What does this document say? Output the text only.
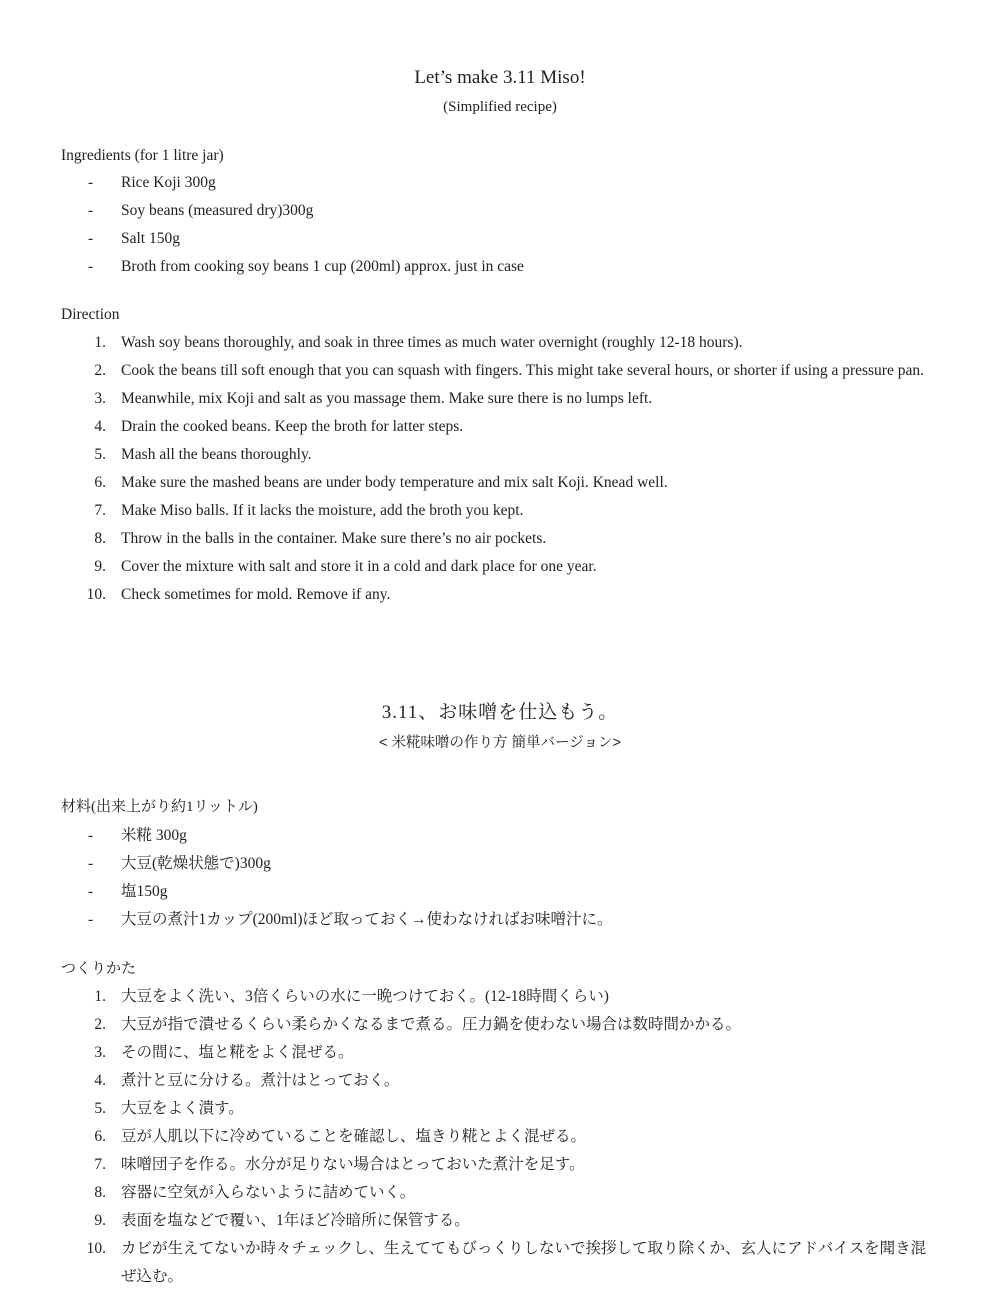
Let’s make 3.11 Miso!
(Simplified recipe)
Ingredients (for 1 litre jar)
-	Rice Koji 300g
-	Soy beans (measured dry)300g
-	Salt 150g
-	Broth from cooking soy beans 1 cup (200ml) approx. just in case
Direction
1. Wash soy beans thoroughly, and soak in three times as much water overnight (roughly 12-18 hours).
2. Cook the beans till soft enough that you can squash with fingers. This might take several hours, or shorter if using a pressure pan.
3. Meanwhile, mix Koji and salt as you massage them. Make sure there is no lumps left.
4. Drain the cooked beans. Keep the broth for latter steps.
5. Mash all the beans thoroughly.
6. Make sure the mashed beans are under body temperature and mix salt Koji. Knead well.
7. Make Miso balls. If it lacks the moisture, add the broth you kept.
8. Throw in the balls in the container. Make sure there’s no air pockets.
9. Cover the mixture with salt and store it in a cold and dark place for one year.
10. Check sometimes for mold. Remove if any.
3.11、お味噌を仕込もう。
< 米糀味噌の作り方 簡単バージョン>
材料(出来上がり約1リットル)
-	米糀 300g
-	大豆(乾燥状態で)300g
-	塩150g
-	大豆の煮汁1カップ(200ml)ほど取っておく→使わなければお味噌汁に。
つくりかた
1. 大豆をよく洗い、3倍くらいの水に一晩つけておく。(12-18時間くらい)
2. 大豆が指で潰せるくらい柔らかくなるまで煮る。圧力鍋を使わない場合は数時間かかる。
3. その間に、塩と糀をよく混ぜる。
4. 煮汁と豆に分ける。煮汁はとっておく。
5. 大豆をよく潰す。
6. 豆が人肌以下に冷めていることを確認し、塩きり糀とよく混ぜる。
7. 味噌団子を作る。水分が足りない場合はとっておいた煮汁を足す。
8. 容器に空気が入らないように詰めていく。
9. 表面を塩などで覆い、1年ほど冷暗所に保管する。
10. カビが生えてないか時々チェックし、生えててもびっくりしないで挨拶して取り除くか、玄人にアドバイスを聞き混ぜ込む。
